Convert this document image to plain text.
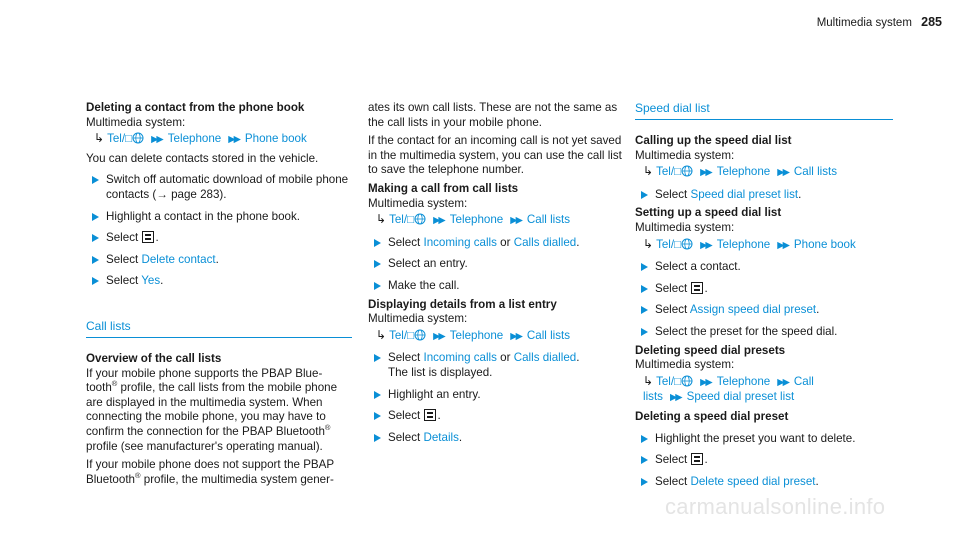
Multimedia system 285

Deleting a contact from the phone book

Multimedia system:

↳ Tel/□ ▶▶ Telephone ▶▶ Phone book

You can delete contacts stored in the vehicle.

Switch off automatic download of mobile phone contacts (→ page 283).
Highlight a contact in the phone book.
Select .
Select Delete contact.
Select Yes.
Call lists

Overview of the call lists

If your mobile phone supports the PBAP Blue-tooth® profile, the call lists from the mobile phone are displayed in the multimedia system. When connecting the mobile phone, you may have to confirm the connection for the PBAP Bluetooth® profile (see manufacturer's operating manual).

If your mobile phone does not support the PBAP Bluetooth® profile, the multimedia system gener-

ates its own call lists. These are not the same as the call lists in your mobile phone.

If the contact for an incoming call is not yet saved in the multimedia system, you can use the call list to save the telephone number.

Making a call from call lists

Multimedia system:

↳ Tel/□ ▶▶ Telephone ▶▶ Call lists

Select Incoming calls or Calls dialled.
Select an entry.
Make the call.

Displaying details from a list entry

Multimedia system:

↳ Tel/□ ▶▶ Telephone ▶▶ Call lists

Select Incoming calls or Calls dialled.
The list is displayed.
Highlight an entry.
Select .
Select Details.
Speed dial list

Calling up the speed dial list

Multimedia system:

↳ Tel/□ ▶▶ Telephone ▶▶ Call lists

Select Speed dial preset list.

Setting up a speed dial list

Multimedia system:

↳ Tel/□ ▶▶ Telephone ▶▶ Phone book

Select a contact.
Select .
Select Assign speed dial preset.
Select the preset for the speed dial.

Deleting speed dial presets

Multimedia system:

↳ Tel/□ ▶▶ Telephone ▶▶ Call
lists ▶▶ Speed dial preset list

Deleting a speed dial preset

Highlight the preset you want to delete.
Select .
Select Delete speed dial preset.
carmanualsonline.info
